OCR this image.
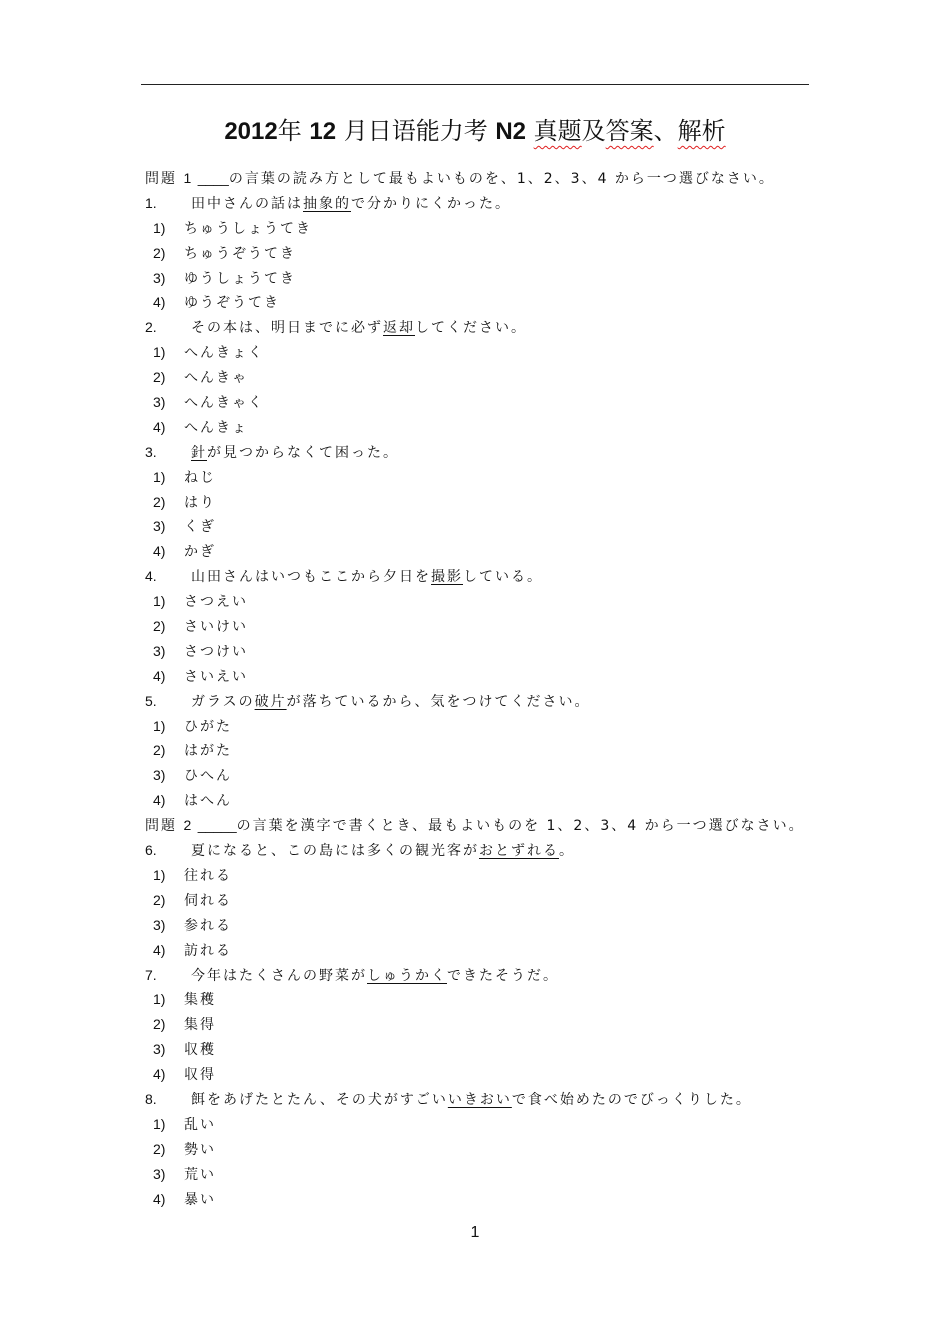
2012年 12 月日语能力考 N2 真题及答案、解析
問題 1 ____の言葉の読み方として最もよいものを、1、2、3、4 から一つ選びなさい。
1. 田中さんの話は抽象的で分かりにくかった。
1) ちゅうしょうてき
2) ちゅうぞうてき
3) ゆうしょうてき
4) ゆうぞうてき
2. その本は、明日までに必ず返却してください。
1) へんきょく
2) へんきゃ
3) へんきゃく
4) へんきょ
3. 針が見つからなくて困った。
1) ねじ
2) はり
3) くぎ
4) かぎ
4. 山田さんはいつもここから夕日を撮影している。
1) さつえい
2) さいけい
3) さつけい
4) さいえい
5. ガラスの破片が落ちているから、気をつけてください。
1) ひがた
2) はがた
3) ひへん
4) はへん
問題 2 _____の言葉を漢字で書くとき、最もよいものを 1、2、3、4 から一つ選びなさい。
6. 夏になると、この島には多くの観光客がおとずれる。
1) 往れる
2) 伺れる
3) 参れる
4) 訪れる
7. 今年はたくさんの野菜がしゅうかくできたそうだ。
1) 集穫
2) 集得
3) 収穫
4) 収得
8. 餌をあげたとたん、その犬がすごいいきおいで食べ始めたのでびっくりした。
1) 乱い
2) 勢い
3) 荒い
4) 暴い
1
